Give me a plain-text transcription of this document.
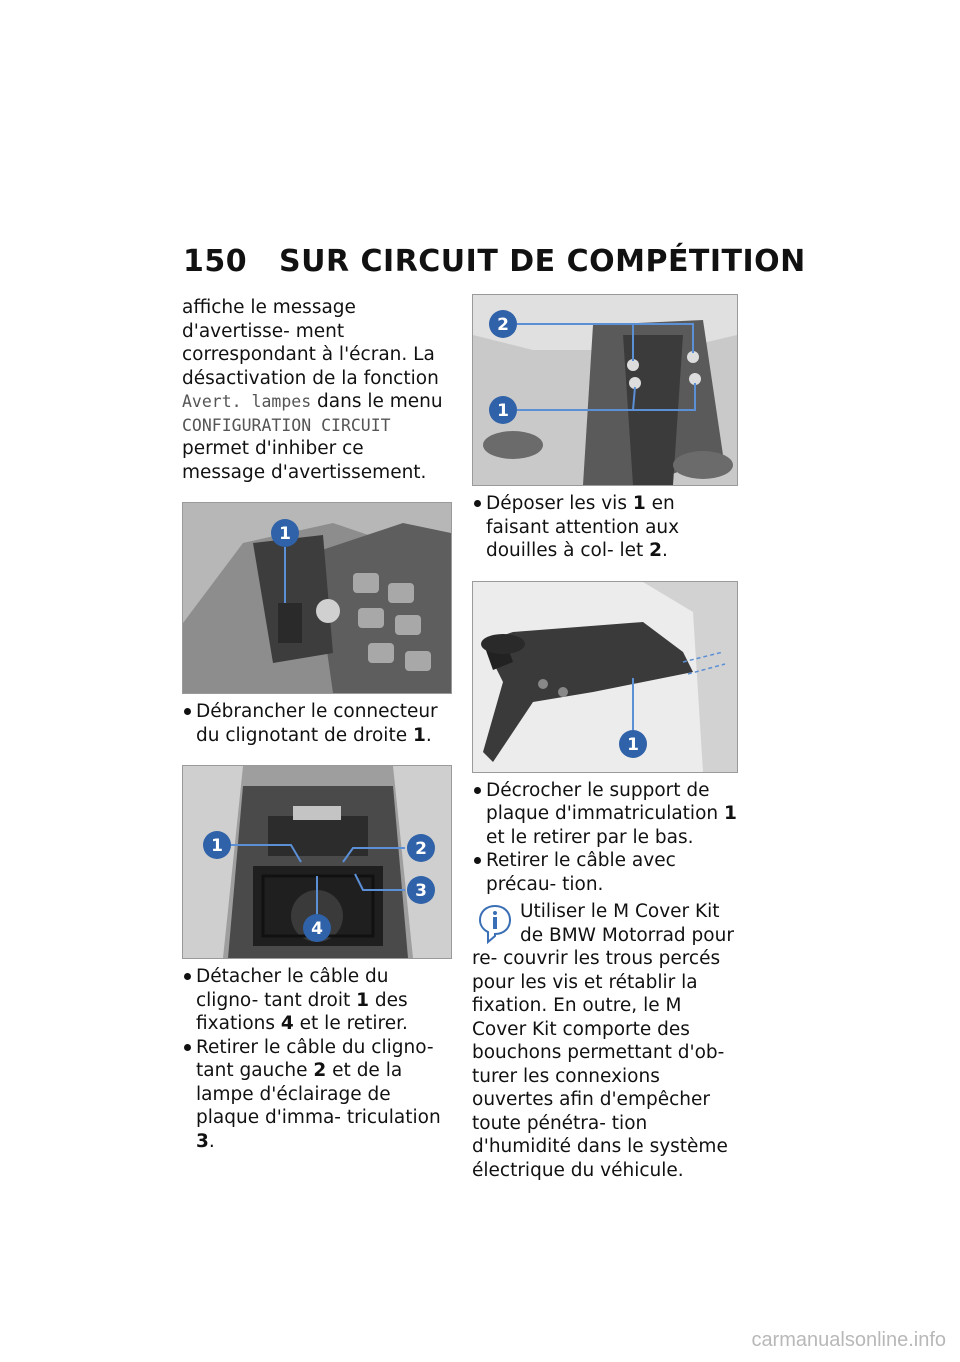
150 SUR CIRCUIT DE COMPÉTITION

affiche le message d'avertisse- ment correspondant à l'écran. La désactivation de la fonction Avert. lampes dans le menu CONFIGURATION CIRCUIT permet d'inhiber ce message d'avertissement.

1
Débrancher le connecteur du clignotant de droite 1.
1	2
3
4
Détacher le câble du cligno- tant droit 1 des fixations 4 et le retirer.
Retirer le câble du cligno- tant gauche 2 et de la lampe d'éclairage de plaque d'imma- triculation 3.
2
1
Déposer les vis 1 en faisant attention aux douilles à col- let 2.
1
Décrocher le support de plaque d'immatriculation 1 et le retirer par le bas.
Retirer le câble avec précau- tion.
Utiliser le M Cover Kit de BMW Motorrad pour re- couvrir les trous percés pour les vis et rétablir la fixation. En outre, le M Cover Kit comporte des bouchons permettant d'ob- turer les connexions ouvertes afin d'empêcher toute pénétra- tion d'humidité dans le système électrique du véhicule.
carmanualsonline.info
